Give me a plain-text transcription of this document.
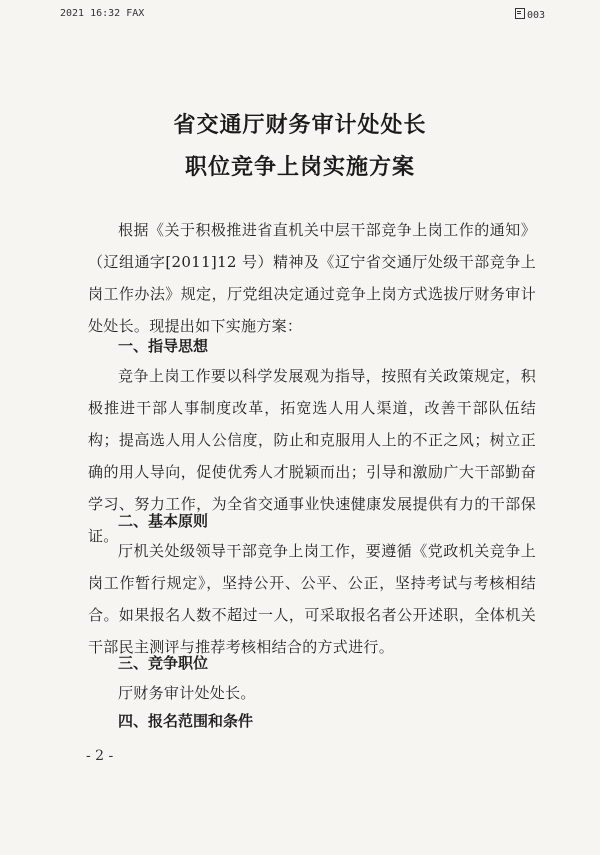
2021 16:32 FAX	003
省交通厅财务审计处处长
职位竞争上岗实施方案

根据《关于积极推进省直机关中层干部竞争上岗工作的通知》（辽组通字[2011]12 号）精神及《辽宁省交通厅处级干部竞争上岗工作办法》规定，厅党组决定通过竞争上岗方式选拔厅财务审计处处长。现提出如下实施方案：

一、指导思想

竞争上岗工作要以科学发展观为指导，按照有关政策规定，积极推进干部人事制度改革，拓宽选人用人渠道，改善干部队伍结构；提高选人用人公信度，防止和克服用人上的不正之风；树立正确的用人导向，促使优秀人才脱颖而出；引导和激励广大干部勤奋学习、努力工作，为全省交通事业快速健康发展提供有力的干部保证。

二、基本原则

厅机关处级领导干部竞争上岗工作，要遵循《党政机关竞争上岗工作暂行规定》，坚持公开、公平、公正，坚持考试与考核相结合。如果报名人数不超过一人，可采取报名者公开述职，全体机关干部民主测评与推荐考核相结合的方式进行。

三、竞争职位

厅财务审计处处长。

四、报名范围和条件
- 2 -
